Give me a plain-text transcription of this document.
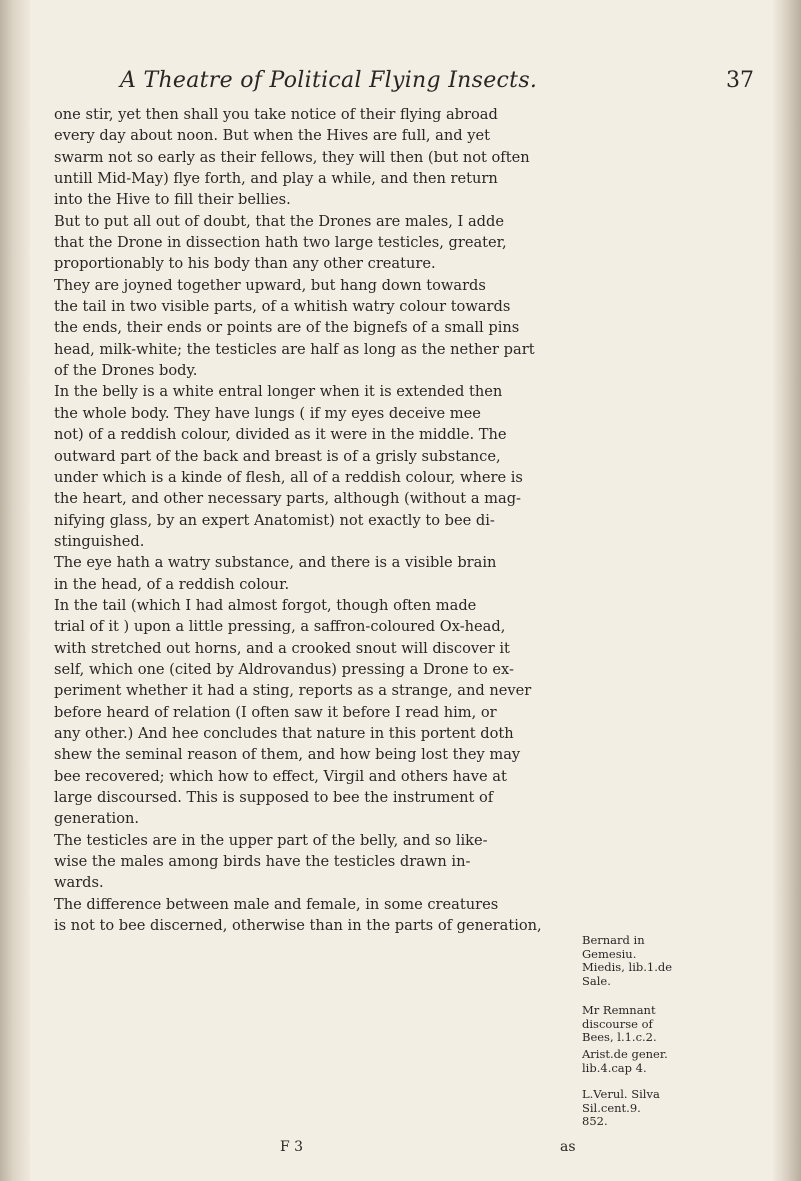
A Theatre of Political Flying Insects.	37
one stir, yet then shall you take notice of their flying abroad
every day about noon. But when the Hives are full, and yet
swarm not so early as their fellows, they will then (but not often
untill Mid-May) flye forth, and play a while, and then return
into the Hive to fill their bellies.
But to put all out of doubt, that the Drones are males, I adde
that the Drone in dissection hath two large testicles, greater,
proportionably to his body than any other creature.
They are joyned together upward, but hang down towards
the tail in two visible parts, of a whitish watry colour towards
the ends, their ends or points are of the bignefs of a small pins
head, milk-white; the testicles are half as long as the nether part
of the Drones body.
In the belly is a white entral longer when it is extended then
the whole body. They have lungs ( if my eyes deceive mee
not) of a reddish colour, divided as it were in the middle. The
outward part of the back and breast is of a grisly substance,
under which is a kinde of flesh, all of a reddish colour, where is
the heart, and other necessary parts, although (without a mag-
nifying glass, by an expert Anatomist) not exactly to bee di-
stinguished.
The eye hath a watry substance, and there is a visible brain
in the head, of a reddish colour.
In the tail (which I had almost forgot, though often made
trial of it ) upon a little pressing, a saffron-coloured Ox-head,
with stretched out horns, and a crooked snout will discover it
self, which one (cited by Aldrovandus) pressing a Drone to ex-
periment whether it had a sting, reports as a strange, and never
before heard of relation (I often saw it before I read him, or
any other.) And hee concludes that nature in this portent doth
shew the seminal reason of them, and how being lost they may
bee recovered; which how to effect, Virgil and others have at
large discoursed. This is supposed to bee the instrument of
generation.
The testicles are in the upper part of the belly, and so like-
wise the males among birds have the testicles drawn in-
wards.
The difference between male and female, in some creatures
is not to bee discerned, otherwise than in the parts of generation,
Bernard in
Gemesiu.
Miedis, lib.1.de
Sale.
Mr Remnant
discourse of
Bees, l.1.c.2.
Arist.de gener.
lib.4.cap 4.
L.Verul. Silva
Sil.cent.9.
852.
F 3	as
